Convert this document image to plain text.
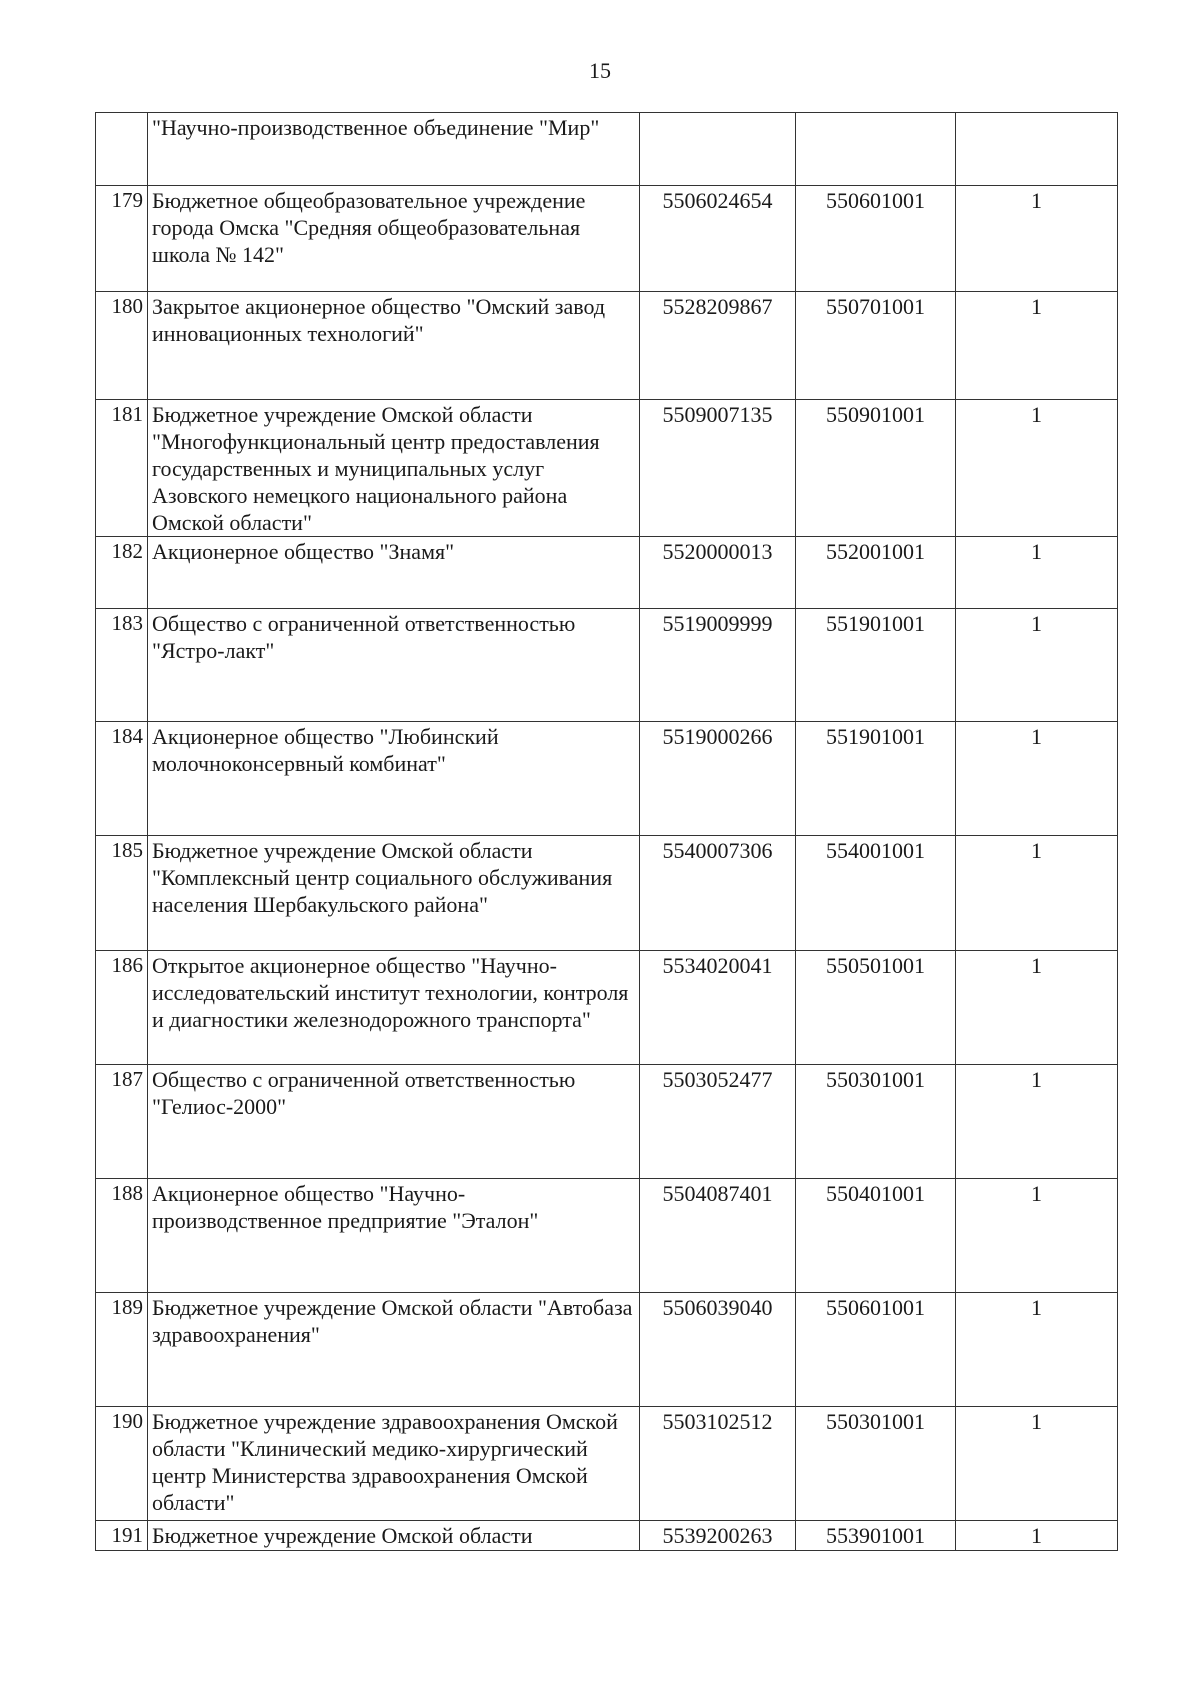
15
	"Научно-производственное объединение "Мир"			
179	Бюджетное общеобразовательное учреждение города Омска "Средняя общеобразовательная школа № 142"	5506024654	550601001	1
180	Закрытое акционерное общество "Омский завод инновационных технологий"	5528209867	550701001	1
181	Бюджетное учреждение Омской области "Многофункциональный центр предоставления государственных и муниципальных услуг Азовского немецкого национального района Омской области"	5509007135	550901001	1
182	Акционерное общество "Знамя"	5520000013	552001001	1
183	Общество с ограниченной ответственностью "Ястро-лакт"	5519009999	551901001	1
184	Акционерное общество "Любинский молочноконсервный комбинат"	5519000266	551901001	1
185	Бюджетное учреждение Омской области "Комплексный центр социального обслуживания населения Шербакульского района"	5540007306	554001001	1
186	Открытое акционерное общество "Научно-исследовательский институт технологии, контроля и диагностики железнодорожного транспорта"	5534020041	550501001	1
187	Общество с ограниченной ответственностью "Гелиос-2000"	5503052477	550301001	1
188	Акционерное общество "Научно-производственное предприятие "Эталон"	5504087401	550401001	1
189	Бюджетное учреждение Омской области "Автобаза здравоохранения"	5506039040	550601001	1
190	Бюджетное учреждение здравоохранения Омской области "Клинический медико-хирургический центр Министерства здравоохранения Омской области"	5503102512	550301001	1
191	Бюджетное учреждение Омской области	5539200263	553901001	1
